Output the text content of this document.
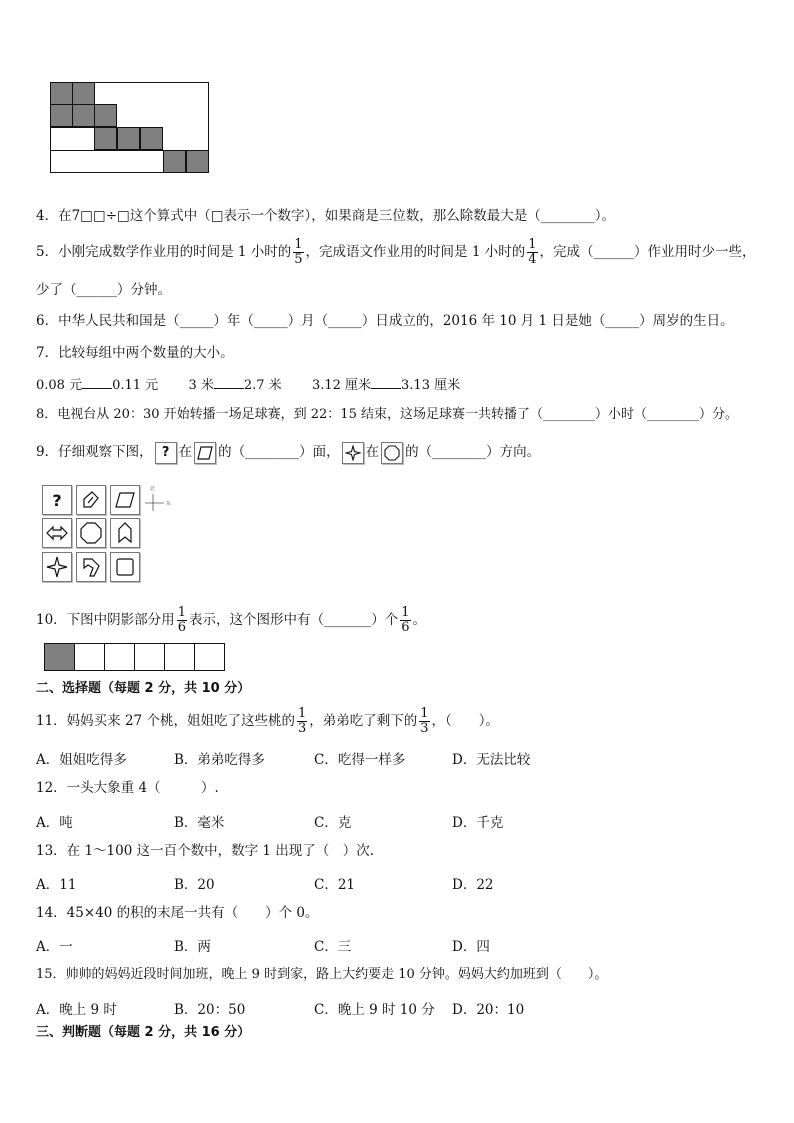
4．在7□□÷□这个算式中（□表示一个数字），如果商是三位数，那么除数最大是（________）。
5．小刚完成数学作业用的时间是 1 小时的 $\frac{1}{5}$ ，完成语文作业用的时间是 1 小时的 $\frac{1}{4}$ ，完成（______）作业用时少一些，
少了（______）分钟。
6．中华人民共和国是（_____）年（_____）月（_____）日成立的，2016 年 10 月 1 日是她（_____）周岁的生日。
7．比较每组中两个数量的大小。
0.08 元 0.11 元 3 米 2.7 米 3.12 厘米 3.13 厘米
8．电视台从 20：30 开始转播一场足球赛，到 22：15 结束，这场足球赛一共转播了（________）小时（________）分。
9．仔细观察下图， ? 在 的（________）面， 在 的（________）方向。
?
北
东
10．下图中阴影部分用 $\frac{1}{6}$ 表示，这个图形中有（_______）个 $\frac{1}{6}$ 。
二、选择题（每题 2 分，共 10 分）
11．妈妈买来 27 个桃，姐姐吃了这些桃的 $\frac{1}{3}$ ，弟弟吃了剩下的 $\frac{1}{3}$ ，（　　）。
A．姐姐吃得多	B．弟弟吃得多	C．吃得一样多	D．无法比较
12．一头大象重 4（　　　）.
A．吨	B．毫米	C．克	D．千克
13．在 1～100 这一百个数中，数字 1 出现了（　）次.
A．11	B．20	C．21	D．22
14．45×40 的积的末尾一共有（　　）个 0。
A．一	B．两	C．三	D．四
15．帅帅的妈妈近段时间加班，晚上 9 时到家，路上大约要走 10 分钟。妈妈大约加班到（　　）。
A．晚上 9 时	B．20：50	C．晚上 9 时 10 分 D．20：10
三、判断题（每题 2 分，共 16 分）
